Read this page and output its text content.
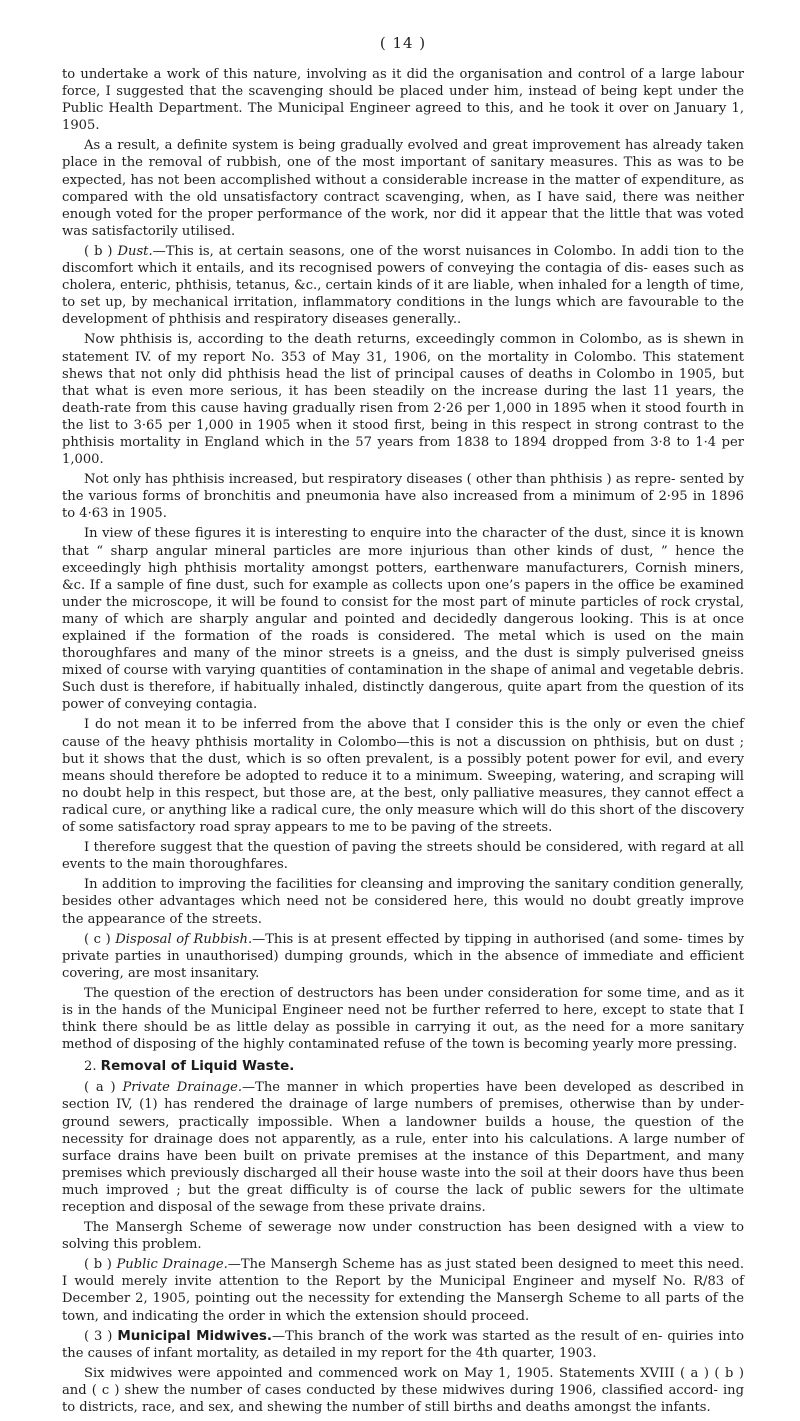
( 14 )

to undertake a work of this nature, involving as it did the organisation and control of a large labour force, I suggested that the scavenging should be placed under him, instead of being kept under the Public Health Department. The Municipal Engineer agreed to this, and he took it over on January 1, 1905.

As a result, a definite system is being gradually evolved and great improvement has already taken place in the removal of rubbish, one of the most important of sanitary measures. This as was to be expected, has not been accomplished without a considerable increase in the matter of expenditure, as compared with the old unsatisfactory contract scavenging, when, as I have said, there was neither enough voted for the proper performance of the work, nor did it appear that the little that was voted was satisfactorily utilised.

( b ) Dust.—This is, at certain seasons, one of the worst nuisances in Colombo. In addi tion to the discomfort which it entails, and its recognised powers of conveying the contagia of dis- eases such as cholera, enteric, phthisis, tetanus, &c., certain kinds of it are liable, when inhaled for a length of time, to set up, by mechanical irritation, inflammatory conditions in the lungs which are favourable to the development of phthisis and respiratory diseases generally..

Now phthisis is, according to the death returns, exceedingly common in Colombo, as is shewn in statement IV. of my report No. 353 of May 31, 1906, on the mortality in Colombo. This statement shews that not only did phthisis head the list of principal causes of deaths in Colombo in 1905, but that what is even more serious, it has been steadily on the increase during the last 11 years, the death-rate from this cause having gradually risen from 2·26 per 1,000 in 1895 when it stood fourth in the list to 3·65 per 1,000 in 1905 when it stood first, being in this respect in strong contrast to the phthisis mortality in England which in the 57 years from 1838 to 1894 dropped from 3·8 to 1·4 per 1,000.

Not only has phthisis increased, but respiratory diseases ( other than phthisis ) as repre- sented by the various forms of bronchitis and pneumonia have also increased from a minimum of 2·95 in 1896 to 4·63 in 1905.

In view of these figures it is interesting to enquire into the character of the dust, since it is known that “ sharp angular mineral particles are more injurious than other kinds of dust, ” hence the exceedingly high phthisis mortality amongst potters, earthenware manufacturers, Cornish miners, &c. If a sample of fine dust, such for example as collects upon one’s papers in the office be examined under the microscope, it will be found to consist for the most part of minute particles of rock crystal, many of which are sharply angular and pointed and decidedly dangerous looking. This is at once explained if the formation of the roads is considered. The metal which is used on the main thoroughfares and many of the minor streets is a gneiss, and the dust is simply pulverised gneiss mixed of course with varying quantities of contamination in the shape of animal and vegetable debris. Such dust is therefore, if habitually inhaled, distinctly dangerous, quite apart from the question of its power of conveying contagia.

I do not mean it to be inferred from the above that I consider this is the only or even the chief cause of the heavy phthisis mortality in Colombo—this is not a discussion on phthisis, but on dust ; but it shows that the dust, which is so often prevalent, is a possibly potent power for evil, and every means should therefore be adopted to reduce it to a minimum. Sweeping, watering, and scraping will no doubt help in this respect, but those are, at the best, only palliative measures, they cannot effect a radical cure, or anything like a radical cure, the only measure which will do this short of the discovery of some satisfactory road spray appears to me to be paving of the streets.

I therefore suggest that the question of paving the streets should be considered, with regard at all events to the main thoroughfares.

In addition to improving the facilities for cleansing and improving the sanitary condition generally, besides other advantages which need not be considered here, this would no doubt greatly improve the appearance of the streets.

( c ) Disposal of Rubbish.—This is at present effected by tipping in authorised (and some- times by private parties in unauthorised) dumping grounds, which in the absence of immediate and efficient covering, are most insanitary.

The question of the erection of destructors has been under consideration for some time, and as it is in the hands of the Municipal Engineer need not be further referred to here, except to state that I think there should be as little delay as possible in carrying it out, as the need for a more sanitary method of disposing of the highly contaminated refuse of the town is becoming yearly more pressing.

2. Removal of Liquid Waste.

( a ) Private Drainage.—The manner in which properties have been developed as described in section IV, (1) has rendered the drainage of large numbers of premises, otherwise than by under- ground sewers, practically impossible. When a landowner builds a house, the question of the necessity for drainage does not apparently, as a rule, enter into his calculations. A large number of surface drains have been built on private premises at the instance of this Department, and many premises which previously discharged all their house waste into the soil at their doors have thus been much improved ; but the great difficulty is of course the lack of public sewers for the ultimate reception and disposal of the sewage from these private drains.

The Mansergh Scheme of sewerage now under construction has been designed with a view to solving this problem.

( b ) Public Drainage.—The Mansergh Scheme has as just stated been designed to meet this need. I would merely invite attention to the Report by the Municipal Engineer and myself No. R/83 of December 2, 1905, pointing out the necessity for extending the Mansergh Scheme to all parts of the town, and indicating the order in which the extension should proceed.

( 3 ) Municipal Midwives.—This branch of the work was started as the result of en- quiries into the causes of infant mortality, as detailed in my report for the 4th quarter, 1903.

Six midwives were appointed and commenced work on May 1, 1905. Statements XVIII ( a ) ( b ) and ( c ) shew the number of cases conducted by these midwives during 1906, classified accord- ing to districts, race, and sex, and shewing the number of still births and deaths amongst the infants.
